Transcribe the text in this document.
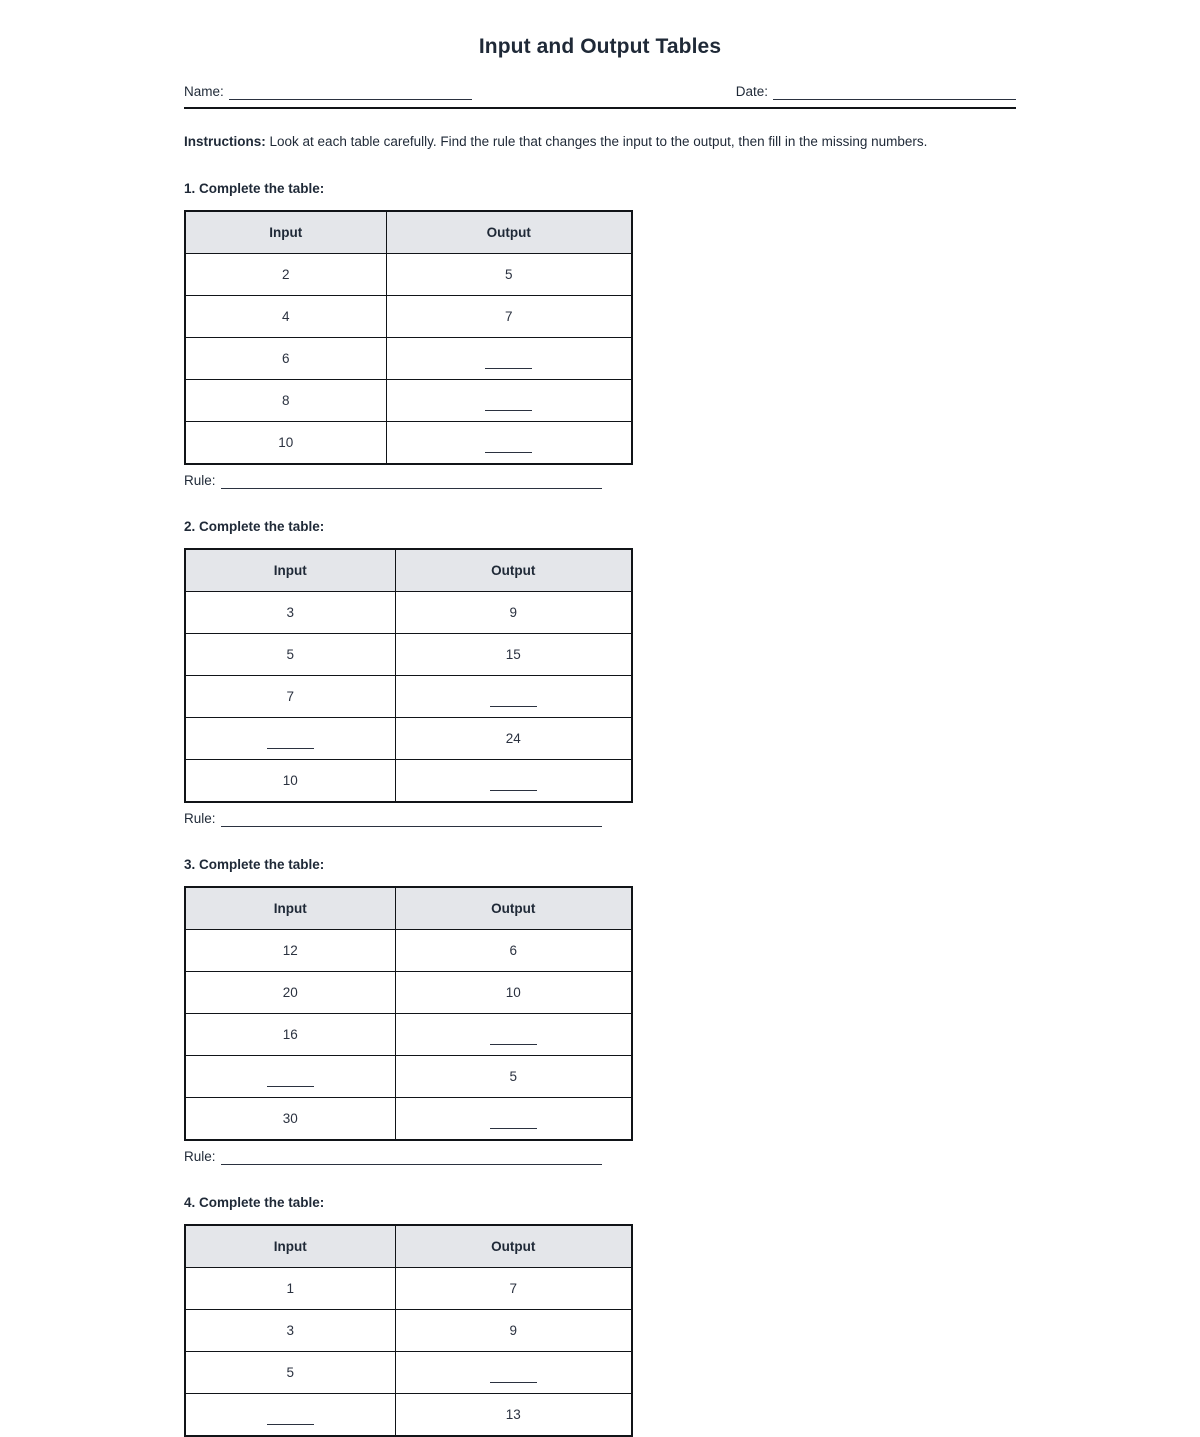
Input and Output Tables
Name:	Date:

Instructions: Look at each table carefully. Find the rule that changes the input to the output, then fill in the missing numbers.

1. Complete the table:
Input	Output

2	5

4	7

6	

8	

10	

Rule:
2. Complete the table:
Input	Output

3	9

5	15

7	

	24

10	

Rule:
3. Complete the table:
Input	Output

12	6

20	10

16	

	5

30	

Rule:
4. Complete the table:
Input	Output

1	7

3	9

5	

	13
